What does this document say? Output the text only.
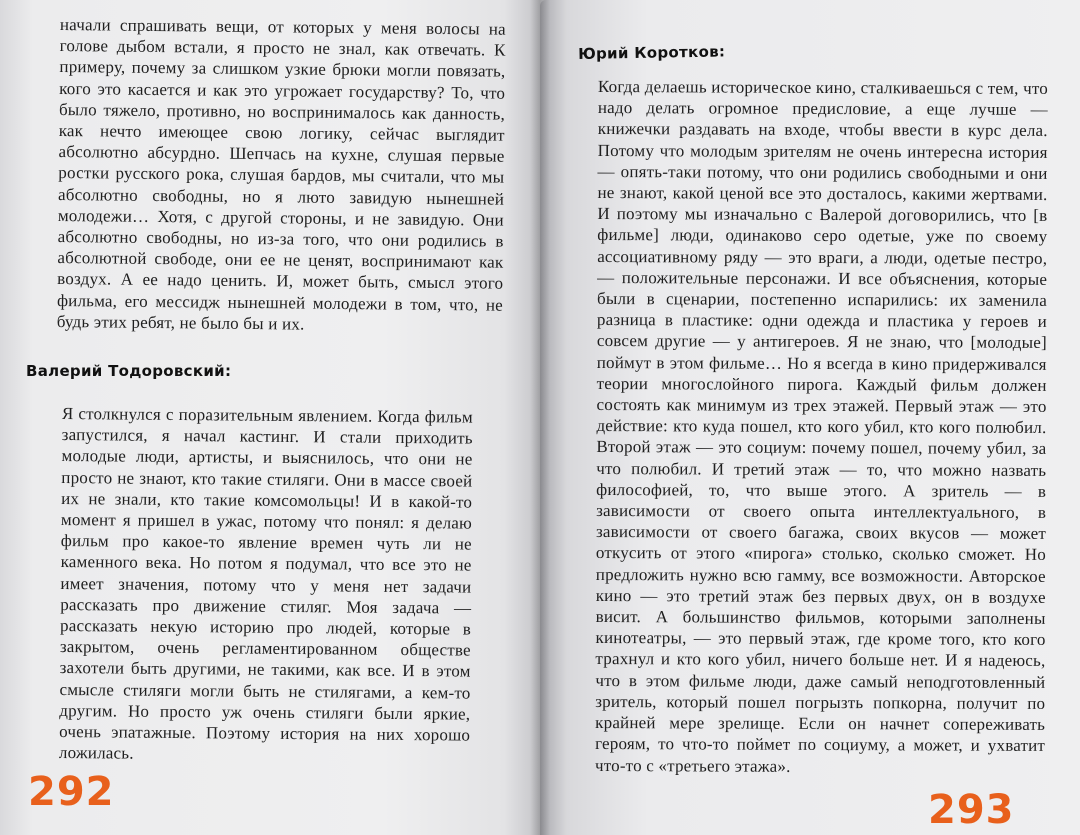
начали спрашивать вещи, от которых у меня волосы на голове дыбом встали, я просто не знал, как отвечать. К примеру, почему за слишком узкие брюки могли повязать, кого это касается и как это угрожает государству? То, что было тяжело, противно, но воспринималось как данность, как нечто имеющее свою логику, сейчас выглядит абсолютно абсурдно. Шепчась на кухне, слушая первые ростки русского рока, слушая бардов, мы считали, что мы абсолютно свободны, но я люто завидую нынешней молодежи… Хотя, с другой стороны, и не завидую. Они абсолютно свободны, но из-за того, что они родились в абсолютной свободе, они ее не ценят, воспринимают как воздух. А ее надо ценить. И, может быть, смысл этого фильма, его мессидж нынешней молодежи в том, что, не будь этих ребят, не было бы и их.

Валерий Тодоровский:

Я столкнулся с поразительным явлением. Когда фильм запустился, я начал кастинг. И стали приходить молодые люди, артисты, и выяснилось, что они не просто не знают, кто такие стиляги. Они в массе своей их не знали, кто такие комсомольцы! И в какой-то момент я пришел в ужас, потому что понял: я делаю фильм про какое-то явление времен чуть ли не каменного века. Но потом я подумал, что все это не имеет значения, потому что у меня нет задачи рассказать про движение стиляг. Моя задача — рассказать некую историю про людей, которые в закрытом, очень регламентированном обществе захотели быть другими, не такими, как все. И в этом смысле стиляги могли быть не стилягами, а кем-то другим. Но просто уж очень стиляги были яркие, очень эпатажные. Поэтому история на них хорошо ложилась.

292
Юрий Коротков:

Когда делаешь историческое кино, сталкиваешься с тем, что надо делать огромное предисловие, а еще лучше — книжечки раздавать на входе, чтобы ввести в курс дела. Потому что молодым зрителям не очень интересна история — опять-таки потому, что они родились свободными и они не знают, какой ценой все это досталось, какими жертвами. И поэтому мы изначально с Валерой договорились, что [в фильме] люди, одинаково серо одетые, уже по своему ассоциативному ряду — это враги, а люди, одетые пестро, — положительные персонажи. И все объяснения, которые были в сценарии, постепенно испарились: их заменила разница в пластике: одни одежда и пластика у героев и совсем другие — у антигероев. Я не знаю, что [молодые] поймут в этом фильме… Но я всегда в кино придерживался теории многослойного пирога. Каждый фильм должен состоять как минимум из трех этажей. Первый этаж — это действие: кто куда пошел, кто кого убил, кто кого полюбил. Второй этаж — это социум: почему пошел, почему убил, за что полюбил. И третий этаж — то, что можно назвать философией, то, что выше этого. А зритель — в зависимости от своего опыта интеллектуального, в зависимости от своего багажа, своих вкусов — может откусить от этого «пирога» столько, сколько сможет. Но предложить нужно всю гамму, все возможности. Авторское кино — это третий этаж без первых двух, он в воздухе висит. А большинство фильмов, которыми заполнены кинотеатры, — это первый этаж, где кроме того, кто кого трахнул и кто кого убил, ничего больше нет. И я надеюсь, что в этом фильме люди, даже самый неподготовленный зритель, который пошел погрызть попкорна, получит по крайней мере зрелище. Если он начнет сопереживать героям, то что-то поймет по социуму, а может, и ухватит что-то с «третьего этажа».

293
